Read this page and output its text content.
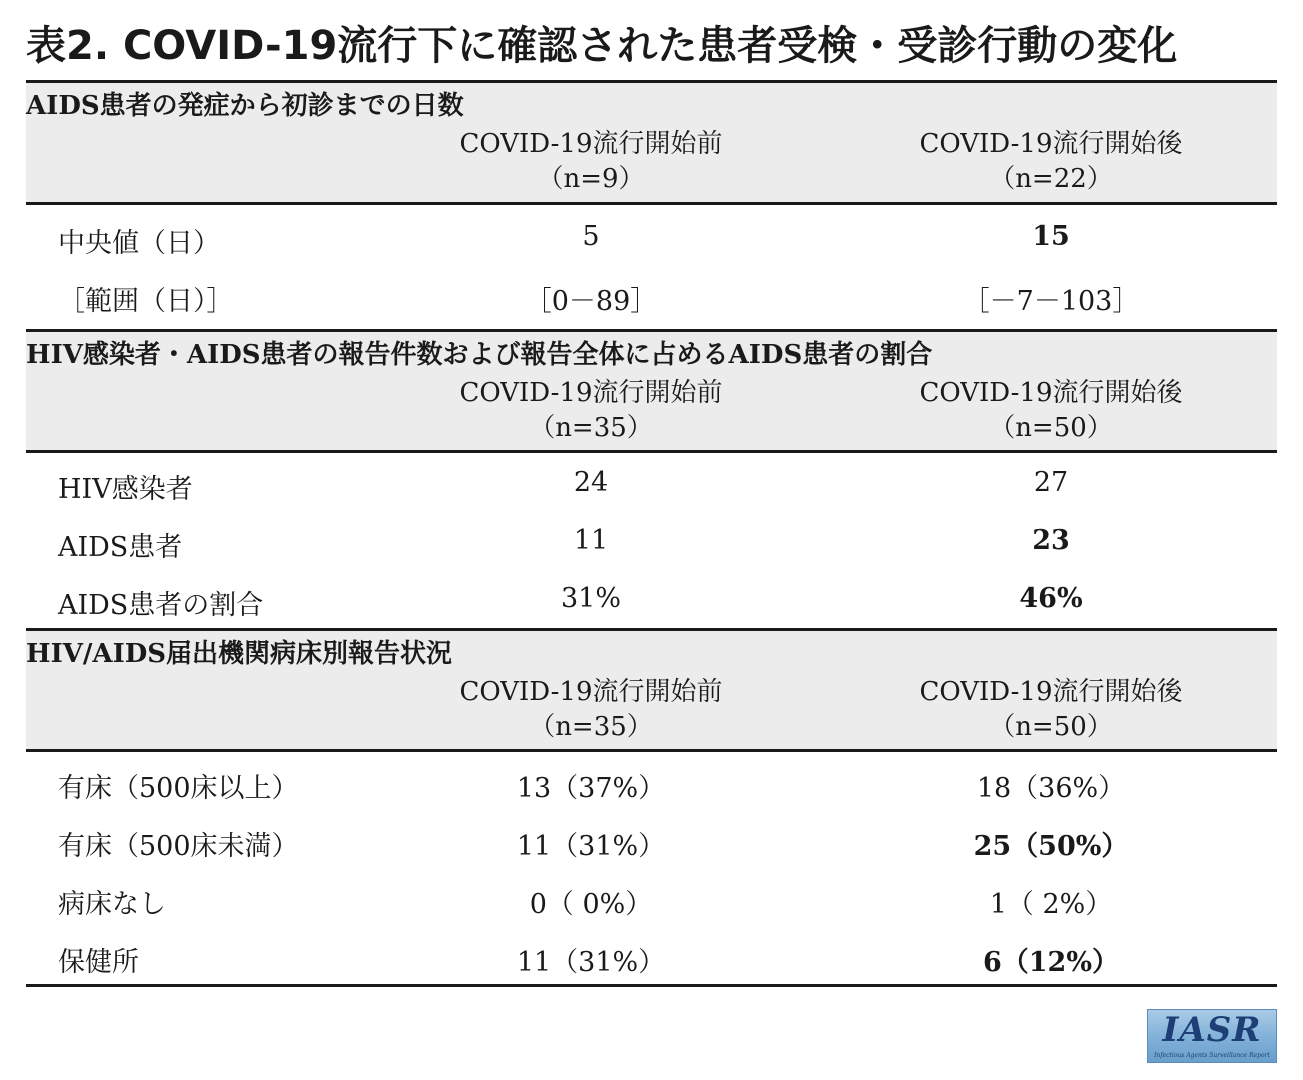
表2. COVID-19流行下に確認された患者受検・受診行動の変化
AIDS患者の発症から初診までの日数
COVID-19流行開始前
（n=9）
COVID-19流行開始後
（n=22）
中央値（日）	5	15
［範囲（日）］	［0－89］	［－7－103］
HIV感染者・AIDS患者の報告件数および報告全体に占めるAIDS患者の割合
COVID-19流行開始前
（n=35）
COVID-19流行開始後
（n=50）
HIV感染者	24	27
AIDS患者	11	23
AIDS患者の割合	31%	46%
HIV/AIDS届出機関病床別報告状況
COVID-19流行開始前
（n=35）
COVID-19流行開始後
（n=50）
有床（500床以上）	13（37%）	18（36%）
有床（500床未満）	11（31%）	25（50%）
病床なし	0（ 0%）	1（ 2%）
保健所	11（31%）	6（12%）
IASR
Infectious Agents Surveillance Report
